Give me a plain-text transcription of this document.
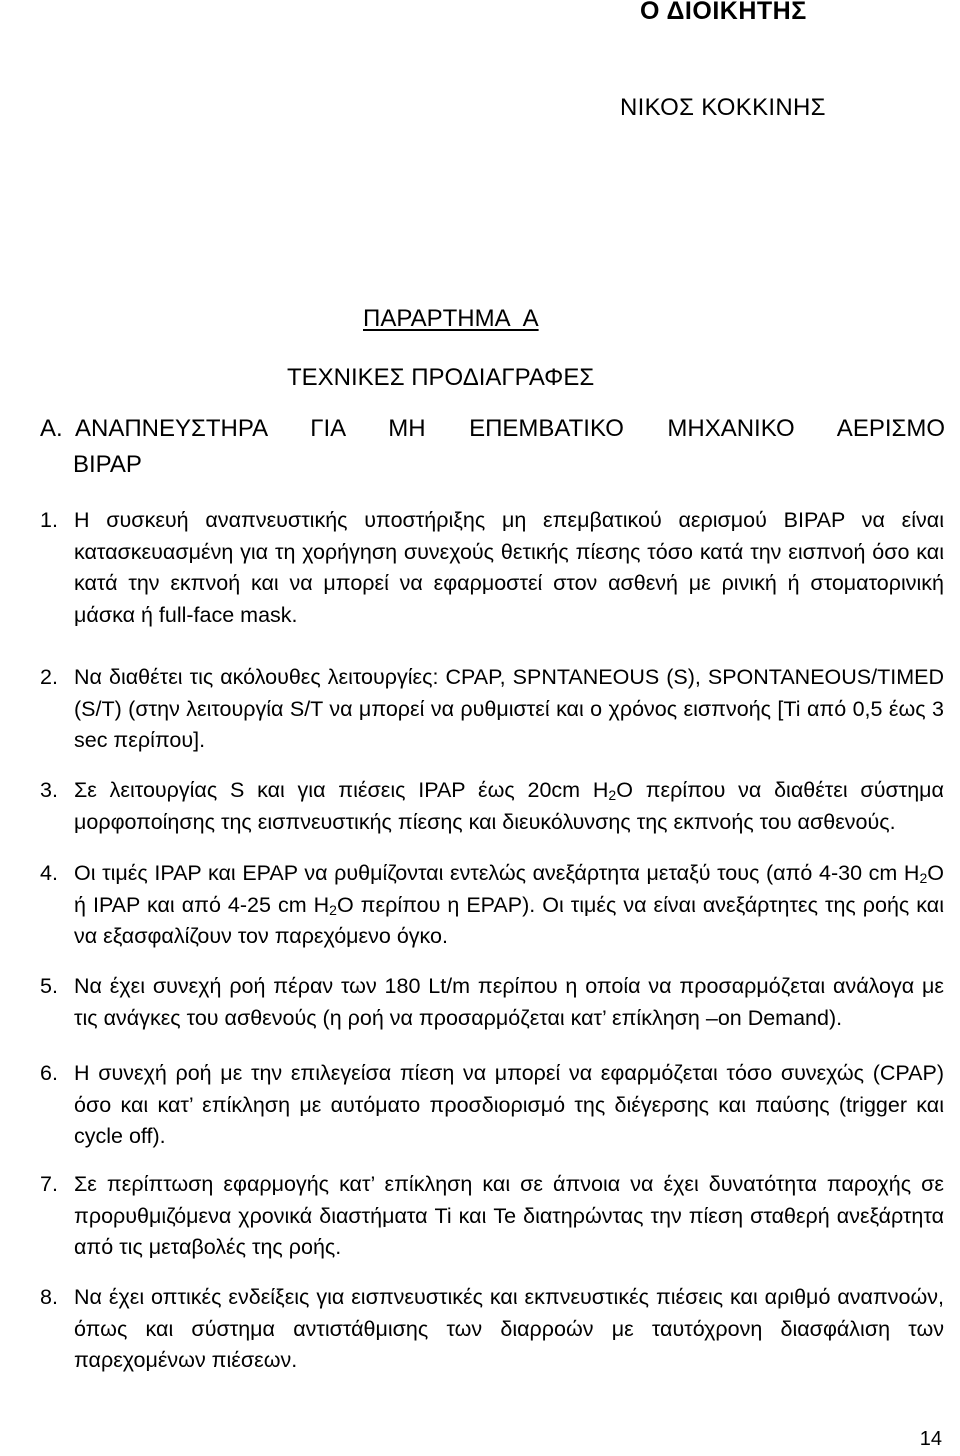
Ο ΔΙΟΙΚΗΤΗΣ
ΝΙΚΟΣ ΚΟΚΚΙΝΗΣ
ΠΑΡΑΡΤΗΜΑ Α
ΤΕΧΝΙΚΕΣ ΠΡΟΔΙΑΓΡΑΦΕΣ
Α. ΑΝΑΠΝΕΥΣΤΗΡΑ ΓΙΑ ΜΗ ΕΠΕΜΒΑΤΙΚΟ ΜΗΧΑΝΙΚΟ ΑΕΡΙΣΜΟ
BIPAP
1. Η συσκευή αναπνευστικής υποστήριξης μη επεμβατικού αερισμού BIPAP να είναι κατασκευασμένη για τη χορήγηση συνεχούς θετικής πίεσης τόσο κατά την εισπνοή όσο και κατά την εκπνοή και να μπορεί να εφαρμοστεί στον ασθενή με ρινική ή στοματορινική μάσκα ή full-face mask.
2. Να διαθέτει τις ακόλουθες λειτουργίες: CPAP, SPNTANEOUS (S), SPONTANEOUS/TIMED (S/T) (στην λειτουργία S/T να μπορεί να ρυθμιστεί και ο χρόνος εισπνοής [Ti από 0,5 έως 3 sec περίπου].
3. Σε λειτουργίας S και για πιέσεις IPAP έως 20cm $H_2O$ περίπου να διαθέτει σύστημα μορφοποίησης της εισπνευστικής πίεσης και διευκόλυνσης της εκπνοής του ασθενούς.
4. Οι τιμές IPAP και EPAP να ρυθμίζονται εντελώς ανεξάρτητα μεταξύ τους (από 4-30 cm $H_2O$ ή IPAP και από 4-25 cm $H_2O$ περίπου η EPAP). Οι τιμές να είναι ανεξάρτητες της ροής και να εξασφαλίζουν τον παρεχόμενο όγκο.
5. Να έχει συνεχή ροή πέραν των 180 Lt/m περίπου η οποία να προσαρμόζεται ανάλογα με τις ανάγκες του ασθενούς (η ροή να προσαρμόζεται κατ’ επίκληση –on Demand).
6. Η συνεχή ροή με την επιλεγείσα πίεση να μπορεί να εφαρμόζεται τόσο συνεχώς (CPAP) όσο και κατ’ επίκληση με αυτόματο προσδιορισμό της διέγερσης και παύσης (trigger και cycle off).
7. Σε περίπτωση εφαρμογής κατ’ επίκληση και σε άπνοια να έχει δυνατότητα παροχής σε προρυθμιζόμενα χρονικά διαστήματα Ti και Te διατηρώντας την πίεση σταθερή ανεξάρτητα από τις μεταβολές της ροής.
8. Να έχει οπτικές ενδείξεις για εισπνευστικές και εκπνευστικές πιέσεις και αριθμό αναπνοών, όπως και σύστημα αντιστάθμισης των διαρροών με ταυτόχρονη διασφάλιση των παρεχομένων πιέσεων.
14
